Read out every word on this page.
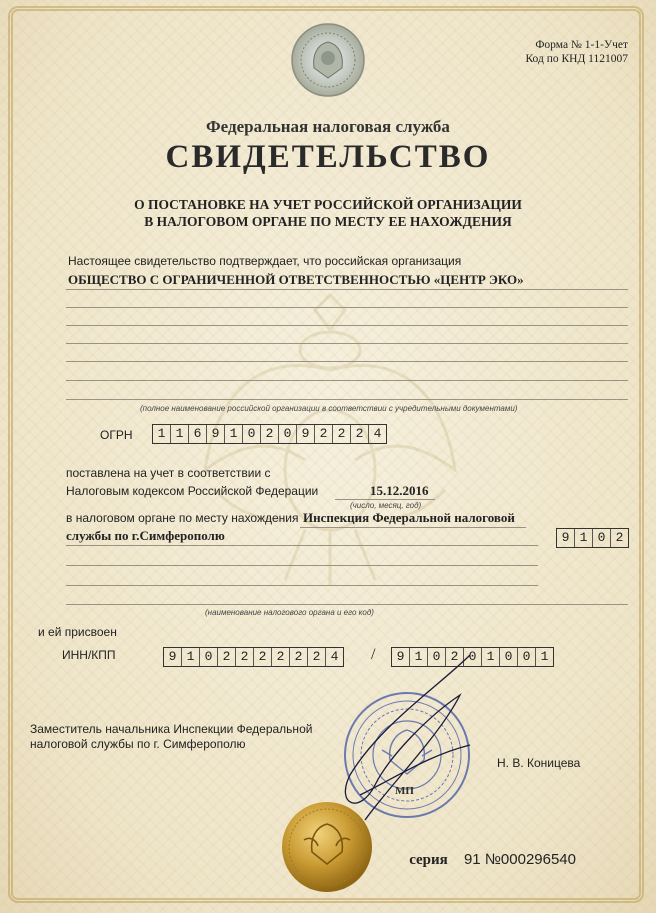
Форма № 1-1-Учет
Код по КНД 1121007
Федеральная налоговая служба
СВИДЕТЕЛЬСТВО
О ПОСТАНОВКЕ НА УЧЕТ РОССИЙСКОЙ ОРГАНИЗАЦИИ
В НАЛОГОВОМ ОРГАНЕ ПО МЕСТУ ЕЕ НАХОЖДЕНИЯ
Настоящее свидетельство подтверждает, что российская организация
ОБЩЕСТВО С ОГРАНИЧЕННОЙ ОТВЕТСТВЕННОСТЬЮ «ЦЕНТР ЭКО»
(полное наименование российской организации в соответствии с учредительными документами)
ОГРН	1 1 6 9 1 0 2 0 9 2 2 2 4
поставлена на учет в соответствии с
Налоговым кодексом Российской Федерации	15.12.2016
(число, месяц, год)
в налоговом органе по месту нахождения Инспекция Федеральной налоговой
службы по г.Симферополю	9 1 0 2
(наименование налогового органа и его код)
и ей присвоен
ИНН/КПП	9 1 0 2 2 2 2 2 2 4 /	9 1 0 2 0 1 0 0 1
Заместитель начальника Инспекции Федеральной
налоговой службы по г. Симферополю
Н. В. Коницева
МП
серия 91 №000296540
